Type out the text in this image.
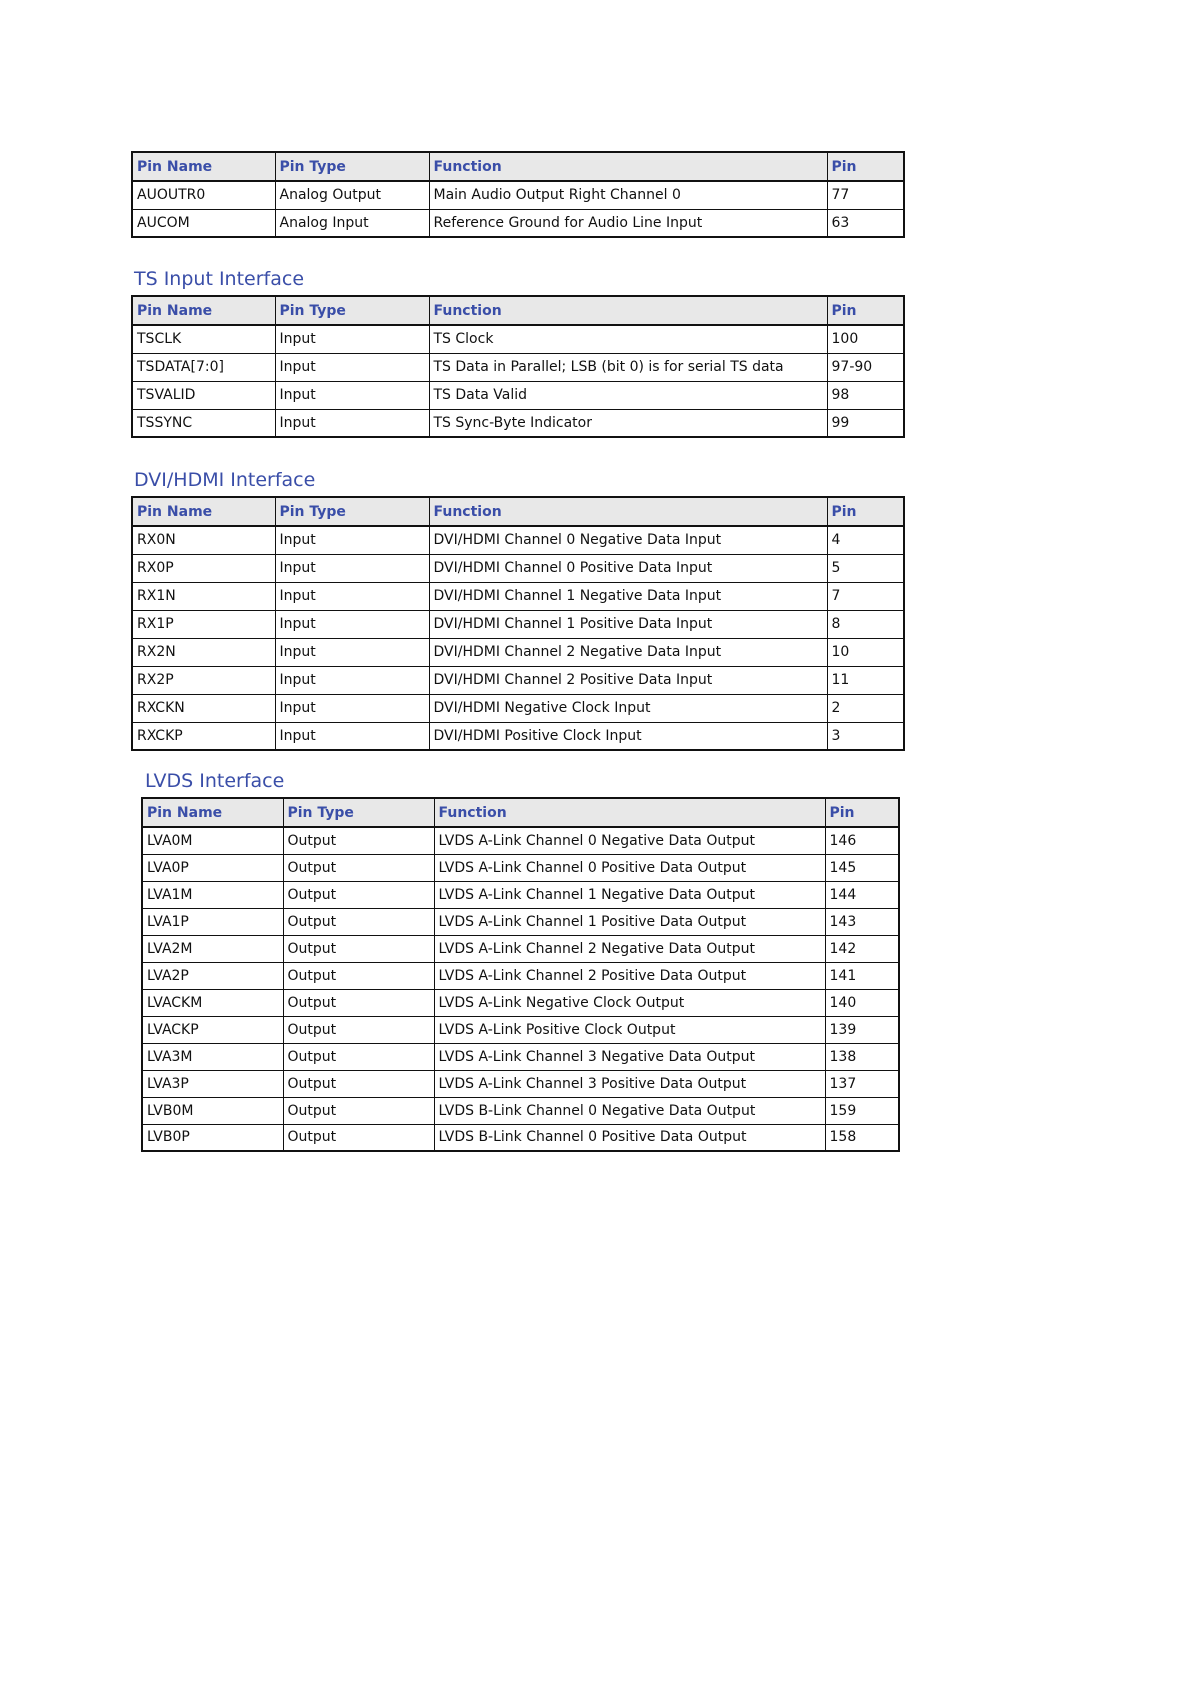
Pin Name	Pin Type	Function	Pin
AUOUTR0	Analog Output	Main Audio Output Right Channel 0	77
AUCOM	Analog Input	Reference Ground for Audio Line Input	63
TS Input Interface
Pin Name	Pin Type	Function	Pin
TSCLK	Input	TS Clock	100
TSDATA[7:0]	Input	TS Data in Parallel; LSB (bit 0) is for serial TS data	97-90
TSVALID	Input	TS Data Valid	98
TSSYNC	Input	TS Sync-Byte Indicator	99
DVI/HDMI Interface
Pin Name	Pin Type	Function	Pin
RX0N	Input	DVI/HDMI Channel 0 Negative Data Input	4
RX0P	Input	DVI/HDMI Channel 0 Positive Data Input	5
RX1N	Input	DVI/HDMI Channel 1 Negative Data Input	7
RX1P	Input	DVI/HDMI Channel 1 Positive Data Input	8
RX2N	Input	DVI/HDMI Channel 2 Negative Data Input	10
RX2P	Input	DVI/HDMI Channel 2 Positive Data Input	11
RXCKN	Input	DVI/HDMI Negative Clock Input	2
RXCKP	Input	DVI/HDMI Positive Clock Input	3
LVDS Interface
Pin Name	Pin Type	Function	Pin
LVA0M	Output	LVDS A-Link Channel 0 Negative Data Output	146
LVA0P	Output	LVDS A-Link Channel 0 Positive Data Output	145
LVA1M	Output	LVDS A-Link Channel 1 Negative Data Output	144
LVA1P	Output	LVDS A-Link Channel 1 Positive Data Output	143
LVA2M	Output	LVDS A-Link Channel 2 Negative Data Output	142
LVA2P	Output	LVDS A-Link Channel 2 Positive Data Output	141
LVACKM	Output	LVDS A-Link Negative Clock Output	140
LVACKP	Output	LVDS A-Link Positive Clock Output	139
LVA3M	Output	LVDS A-Link Channel 3 Negative Data Output	138
LVA3P	Output	LVDS A-Link Channel 3 Positive Data Output	137
LVB0M	Output	LVDS B-Link Channel 0 Negative Data Output	159
LVB0P	Output	LVDS B-Link Channel 0 Positive Data Output	158
